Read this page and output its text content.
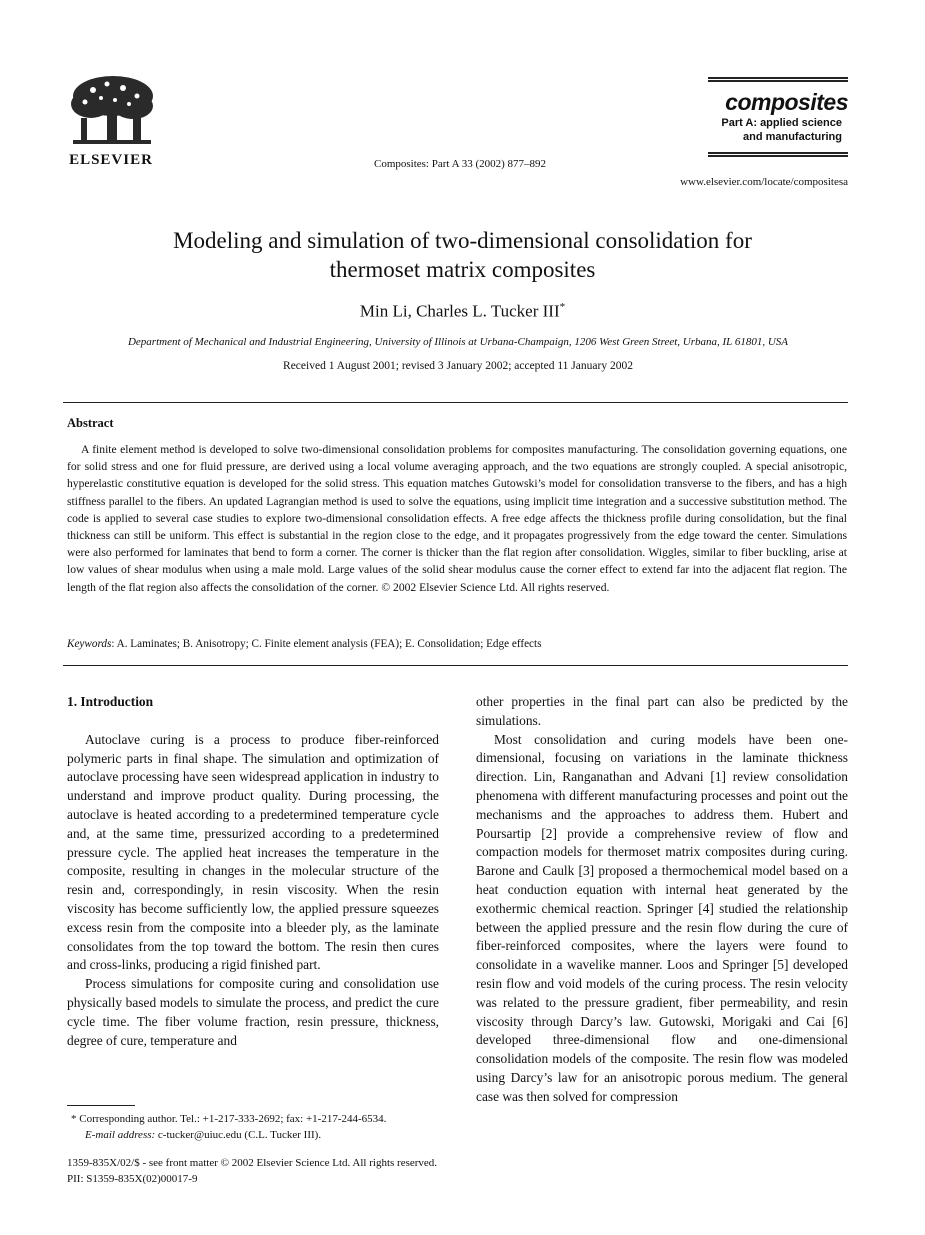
ELSEVIER	Composites: Part A 33 (2002) 877–892
composites
Part A: applied science
and manufacturing
www.elsevier.com/locate/compositesa
Modeling and simulation of two-dimensional consolidation for
thermoset matrix composites
Min Li, Charles L. Tucker III*
Department of Mechanical and Industrial Engineering, University of Illinois at Urbana-Champaign, 1206 West Green Street, Urbana, IL 61801, USA
Received 1 August 2001; revised 3 January 2002; accepted 11 January 2002
Abstract
A finite element method is developed to solve two-dimensional consolidation problems for composites manufacturing. The consolidation governing equations, one for solid stress and one for fluid pressure, are derived using a local volume averaging approach, and the two equations are strongly coupled. A special anisotropic, hyperelastic constitutive equation is developed for the solid stress. This equation matches Gutowski’s model for consolidation transverse to the fibers, and has a high stiffness parallel to the fibers. An updated Lagrangian method is used to solve the equations, using implicit time integration and a successive substitution method. The code is applied to several case studies to explore two-dimensional consolidation effects. A free edge affects the thickness profile during consolidation, but the final thickness can still be uniform. This effect is substantial in the region close to the edge, and it propagates progressively from the edge toward the center. Simulations were also performed for laminates that bend to form a corner. The corner is thicker than the flat region after consolidation. Wiggles, similar to fiber buckling, arise at low values of shear modulus when using a male mold. Large values of the solid shear modulus cause the corner effect to extend far into the adjacent flat region. The length of the flat region also affects the consolidation of the corner. © 2002 Elsevier Science Ltd. All rights reserved.
Keywords: A. Laminates; B. Anisotropy; C. Finite element analysis (FEA); E. Consolidation; Edge effects
1. Introduction

Autoclave curing is a process to produce fiber-reinforced polymeric parts in final shape. The simulation and optimization of autoclave processing have seen widespread application in industry to understand and improve product quality. During processing, the autoclave is heated according to a predetermined temperature cycle and, at the same time, pressurized according to a predetermined pressure cycle. The applied heat increases the temperature in the composite, resulting in changes in the molecular structure of the resin and, correspondingly, in resin viscosity. When the resin viscosity has become sufficiently low, the applied pressure squeezes excess resin from the composite into a bleeder ply, as the laminate consolidates from the top toward the bottom. The resin then cures and cross-links, producing a rigid finished part.

Process simulations for composite curing and consolidation use physically based models to simulate the process, and predict the cure cycle time. The fiber volume fraction, resin pressure, thickness, degree of cure, temperature and

other properties in the final part can also be predicted by the simulations.

Most consolidation and curing models have been one-dimensional, focusing on variations in the laminate thickness direction. Lin, Ranganathan and Advani [1] review consolidation phenomena with different manufacturing processes and point out the mechanisms and the approaches to address them. Hubert and Poursartip [2] provide a comprehensive review of flow and compaction models for thermoset matrix composites during curing. Barone and Caulk [3] proposed a thermochemical model based on a heat conduction equation with internal heat generated by the exothermic chemical reaction. Springer [4] studied the relationship between the applied pressure and the resin flow during the cure of fiber-reinforced composites, where the layers were found to consolidate in a wavelike manner. Loos and Springer [5] developed resin flow and void models of the curing process. The resin velocity was related to the pressure gradient, fiber permeability, and resin viscosity through Darcy’s law. Gutowski, Morigaki and Cai [6] developed three-dimensional flow and one-dimensional consolidation models of the composite. The resin flow was modeled using Darcy’s law for an anisotropic porous medium. The general case was then solved for compression

* Corresponding author. Tel.: +1-217-333-2692; fax: +1-217-244-6534.
E-mail address: c-tucker@uiuc.edu (C.L. Tucker III).
1359-835X/02/$ - see front matter © 2002 Elsevier Science Ltd. All rights reserved.
PII: S1359-835X(02)00017-9
